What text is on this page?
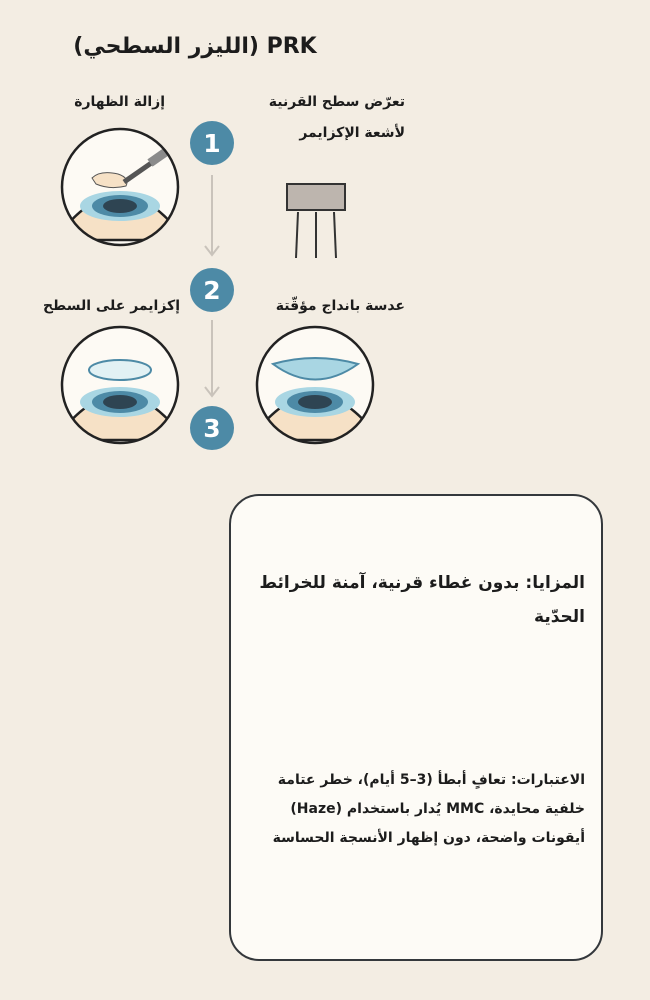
(الليزر السطحي) PRK
إزالة الظهارة	تعرّض سطح القرنية
لأشعة الإكزايمر
إكزايمر على السطح	عدسة بانداج مؤقّتة
1
2
3
المزايا: بدون غطاء قرنية، آمنة للخرائط
الحدّية
الاعتبارات: تعافٍ أبطأ (3–5 أيام)، خطر عتامة
خلفية محايدة، MMC يُدار باستخدام (Haze)
أيقونات واضحة، دون إظهار الأنسجة الحساسة
